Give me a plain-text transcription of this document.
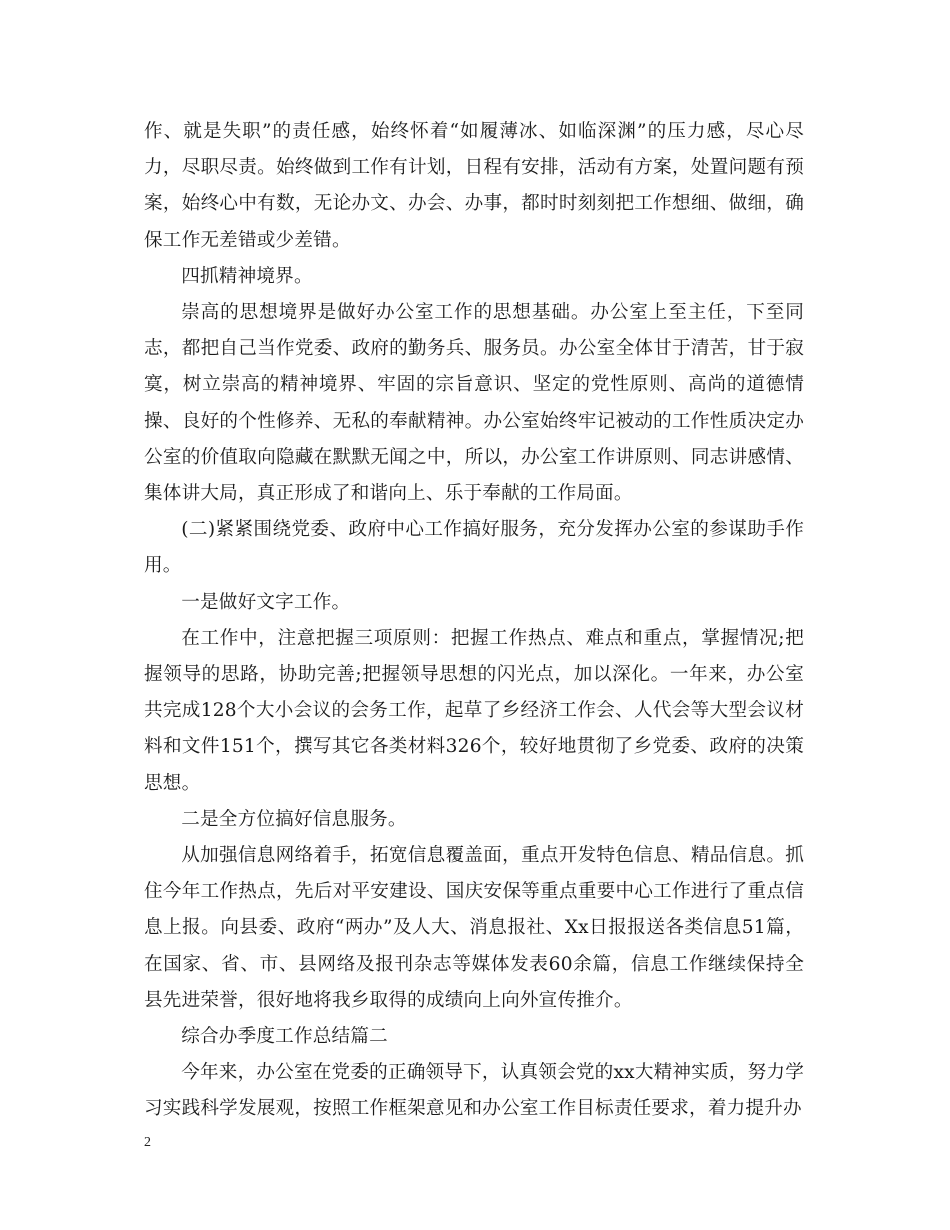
作、就是失职”的责任感，始终怀着“如履薄冰、如临深渊”的压力感，尽心尽力，尽职尽责。始终做到工作有计划，日程有安排，活动有方案，处置问题有预案，始终心中有数，无论办文、办会、办事，都时时刻刻把工作想细、做细，确保工作无差错或少差错。

四抓精神境界。

崇高的思想境界是做好办公室工作的思想基础。办公室上至主任，下至同志，都把自己当作党委、政府的勤务兵、服务员。办公室全体甘于清苦，甘于寂寞，树立崇高的精神境界、牢固的宗旨意识、坚定的党性原则、高尚的道德情操、良好的个性修养、无私的奉献精神。办公室始终牢记被动的工作性质决定办公室的价值取向隐藏在默默无闻之中，所以，办公室工作讲原则、同志讲感情、集体讲大局，真正形成了和谐向上、乐于奉献的工作局面。

(二)紧紧围绕党委、政府中心工作搞好服务，充分发挥办公室的参谋助手作用。

一是做好文字工作。

在工作中，注意把握三项原则：把握工作热点、难点和重点，掌握情况;把握领导的思路，协助完善;把握领导思想的闪光点，加以深化。一年来，办公室共完成128个大小会议的会务工作，起草了乡经济工作会、人代会等大型会议材料和文件151个，撰写其它各类材料326个，较好地贯彻了乡党委、政府的决策思想。

二是全方位搞好信息服务。

从加强信息网络着手，拓宽信息覆盖面，重点开发特色信息、精品信息。抓住今年工作热点，先后对平安建设、国庆安保等重点重要中心工作进行了重点信息上报。向县委、政府“两办”及人大、消息报社、Xx日报报送各类信息51篇，在国家、省、市、县网络及报刊杂志等媒体发表60余篇，信息工作继续保持全县先进荣誉，很好地将我乡取得的成绩向上向外宣传推介。

综合办季度工作总结篇二

今年来，办公室在党委的正确领导下，认真领会党的xx大精神实质，努力学习实践科学发展观，按照工作框架意见和办公室工作目标责任要求，着力提升办

2
